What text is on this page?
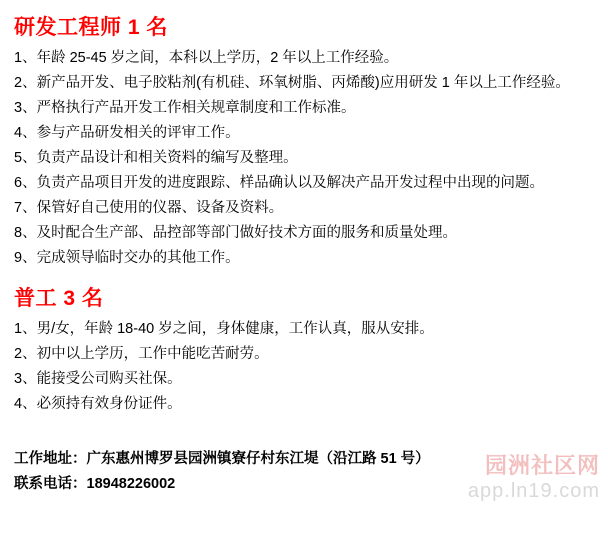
研发工程师 1 名

1、年龄 25-45 岁之间，本科以上学历，2 年以上工作经验。

2、新产品开发、电子胶粘剂(有机硅、环氧树脂、丙烯酸)应用研发 1 年以上工作经验。

3、严格执行产品开发工作相关规章制度和工作标准。

4、参与产品研发相关的评审工作。

5、负责产品设计和相关资料的编写及整理。

6、负责产品项目开发的进度跟踪、样品确认以及解决产品开发过程中出现的问题。

7、保管好自己使用的仪器、设备及资料。

8、及时配合生产部、品控部等部门做好技术方面的服务和质量处理。

9、完成领导临时交办的其他工作。

普工 3 名

1、男/女，年龄 18-40 岁之间，身体健康，工作认真，服从安排。

2、初中以上学历，工作中能吃苦耐劳。

3、能接受公司购买社保。

4、必须持有效身份证件。

工作地址：广东惠州博罗县园洲镇寮仔村东江堤（沿江路 51 号）
联系电话：18948226002
园洲社区网
app.ln19.com
